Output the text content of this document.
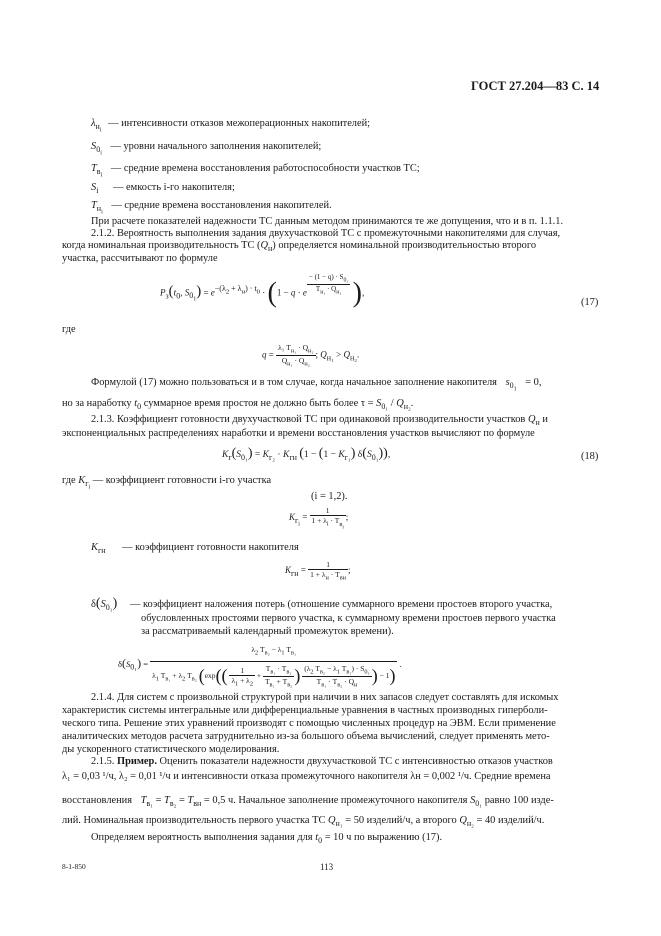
ГОСТ 27.204—83 С. 14
$\lambda_{н_i}$ — интенсивности отказов межоперационных накопителей;
$S_{0_i}$ — уровни начального заполнения накопителей;
$T_{в_i}$ — средние времена восстановления работоспособности участков ТС;
$S_i$ — емкость i-го накопителя;
$T_{н_i}$ — средние времена восстановления накопителей.
При расчете показателей надежности ТС данным методом принимаются те же допущения, что и в п. 1.1.1.
2.1.2. Вероятность выполнения задания двухучастковой ТС с промежуточными накопителями для случая,
когда номинальная производительность ТС $(Q_н)$ определяется номинальной производительностью второго
участка, рассчитывают по формуле
$P_з(t_0$, $S_{0_1}) = e^{-(\lambda_2 + \lambda_н) \cdot t_0} \cdot (1 - q \cdot e$ $^{\frac{- (1 - q) \cdot S_{0_1}}{T_{н_1} \cdot Q_{н_2}}}$ ),
(17)
где
$q = \frac{\lambda_1 T_{н_1} \cdot Q_{н_2}}{Q_{н_1} \cdot Q_{н_2}}$ ; $Q_{н_1} > Q_{н_2}$.
Формулой (17) можно пользоваться и в том случае, когда начальное заполнение накопителя $s_{0_1} = 0$,
но за наработку $t_0$ суммарное время простоя не должно быть более $\tau = S_{0_1} / Q_{н_2}$.
2.1.3. Коэффициент готовности двухучастковой ТС при одинаковой производительности участков $Q_н$ и
экспоненциальных распределениях наработки и времени восстановления участков вычисляют по формуле
$K_г(S_{0_1}) = K_{г_2} \cdot K_{гн}$ ($1 - (1 - K_{г_1})$ $\delta(S_{0_1})$),	(18)
где $K_{г_i}$ — коэффициент готовности i-го участка
(i = 1,2).
$K_{г_i} = \frac{1}{1 + \lambda_i \cdot T_{в_i}}$ ;
$K_{гн}$ — коэффициент готовности накопителя
$K_{гн} = \frac{1}{1 + \lambda_н \cdot T_{вн}}$ ;
$\delta(S_{0_1})$ — коэффициент наложения потерь (отношение суммарного времени простоев второго участка,
обусловленных простоями первого участка, к суммарному времени простоев первого участка
за рассматриваемый календарный промежуток времени).
$\delta(S_{0_1})$ =
$\lambda_2$ $T_{в_2} - \lambda_1$ $T_{в_1}$
$\lambda_1$ $T_{в_1} + \lambda_2$ $T_{в_2}$ ($\exp(( \frac{1}{\lambda_1 + \lambda_2} + \frac{T_{в_1} \cdot T_{в_2}}{T_{в_1} + T_{в_2}}$ ) $\frac{(\lambda_2 T_{в_2} - \lambda_1 T_{в_1}) \cdot S_{0_1}}{T_{в_1} \cdot T_{в_2} \cdot Q_н}$ ) − 1)
.
2.1.4. Для систем с произвольной структурой при наличии в них запасов следует составлять для искомых
характеристик системы интегральные или дифференциальные уравнения в частных производных гиперболи-
ческого типа. Решение этих уравнений производят с помощью численных процедур на ЭВМ. Если применение
аналитических методов расчета затруднительно из-за большого объема вычислений, следует применять мето-
ды ускоренного статистического моделирования.
2.1.5. Пример. Оценить показатели надежности двухучастковой ТС с интенсивностью отказов участков
λ₁ = 0,03 ¹/ч, λ₂ = 0,01 ¹/ч и интенсивности отказа промежуточного накопителя λн = 0,002 ¹/ч. Средние времена
восстановления $T_{в_1} = T_{в_2} = T_{вн} = 0,5$ ч. Начальное заполнение промежуточного накопителя $S_{0_1}$ равно 100 изде-
лий. Номинальная производительность первого участка ТС $Q_{н_1} = 50$ изделий/ч, а второго $Q_{н_2} = 40$ изделий/ч.
Определяем вероятность выполнения задания для $t_0 = 10$ ч по выражению (17).
8-1-850	113
